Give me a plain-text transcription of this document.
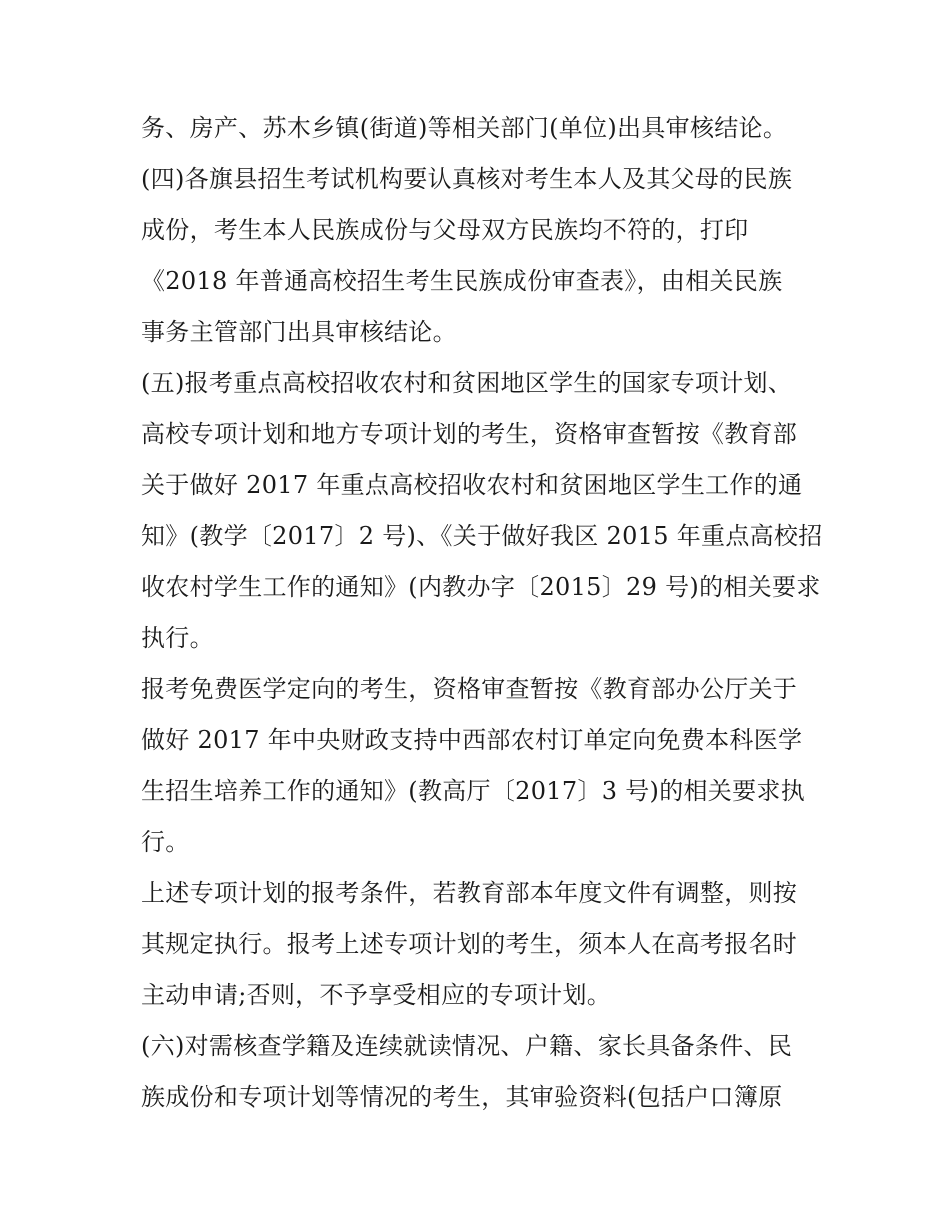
务、房产、苏木乡镇(街道)等相关部门(单位)出具审核结论。
(四)各旗县招生考试机构要认真核对考生本人及其父母的民族
成份，考生本人民族成份与父母双方民族均不符的，打印
《2018 年普通高校招生考生民族成份审查表》，由相关民族
事务主管部门出具审核结论。
(五)报考重点高校招收农村和贫困地区学生的国家专项计划、
高校专项计划和地方专项计划的考生，资格审查暂按《教育部
关于做好 2017 年重点高校招收农村和贫困地区学生工作的通
知》(教学〔2017〕2 号)、《关于做好我区 2015 年重点高校招
收农村学生工作的通知》(内教办字〔2015〕29 号)的相关要求
执行。
报考免费医学定向的考生，资格审查暂按《教育部办公厅关于
做好 2017 年中央财政支持中西部农村订单定向免费本科医学
生招生培养工作的通知》(教高厅〔2017〕3 号)的相关要求执
行。
上述专项计划的报考条件，若教育部本年度文件有调整，则按
其规定执行。报考上述专项计划的考生，须本人在高考报名时
主动申请;否则，不予享受相应的专项计划。
(六)对需核查学籍及连续就读情况、户籍、家长具备条件、民
族成份和专项计划等情况的考生，其审验资料(包括户口簿原
